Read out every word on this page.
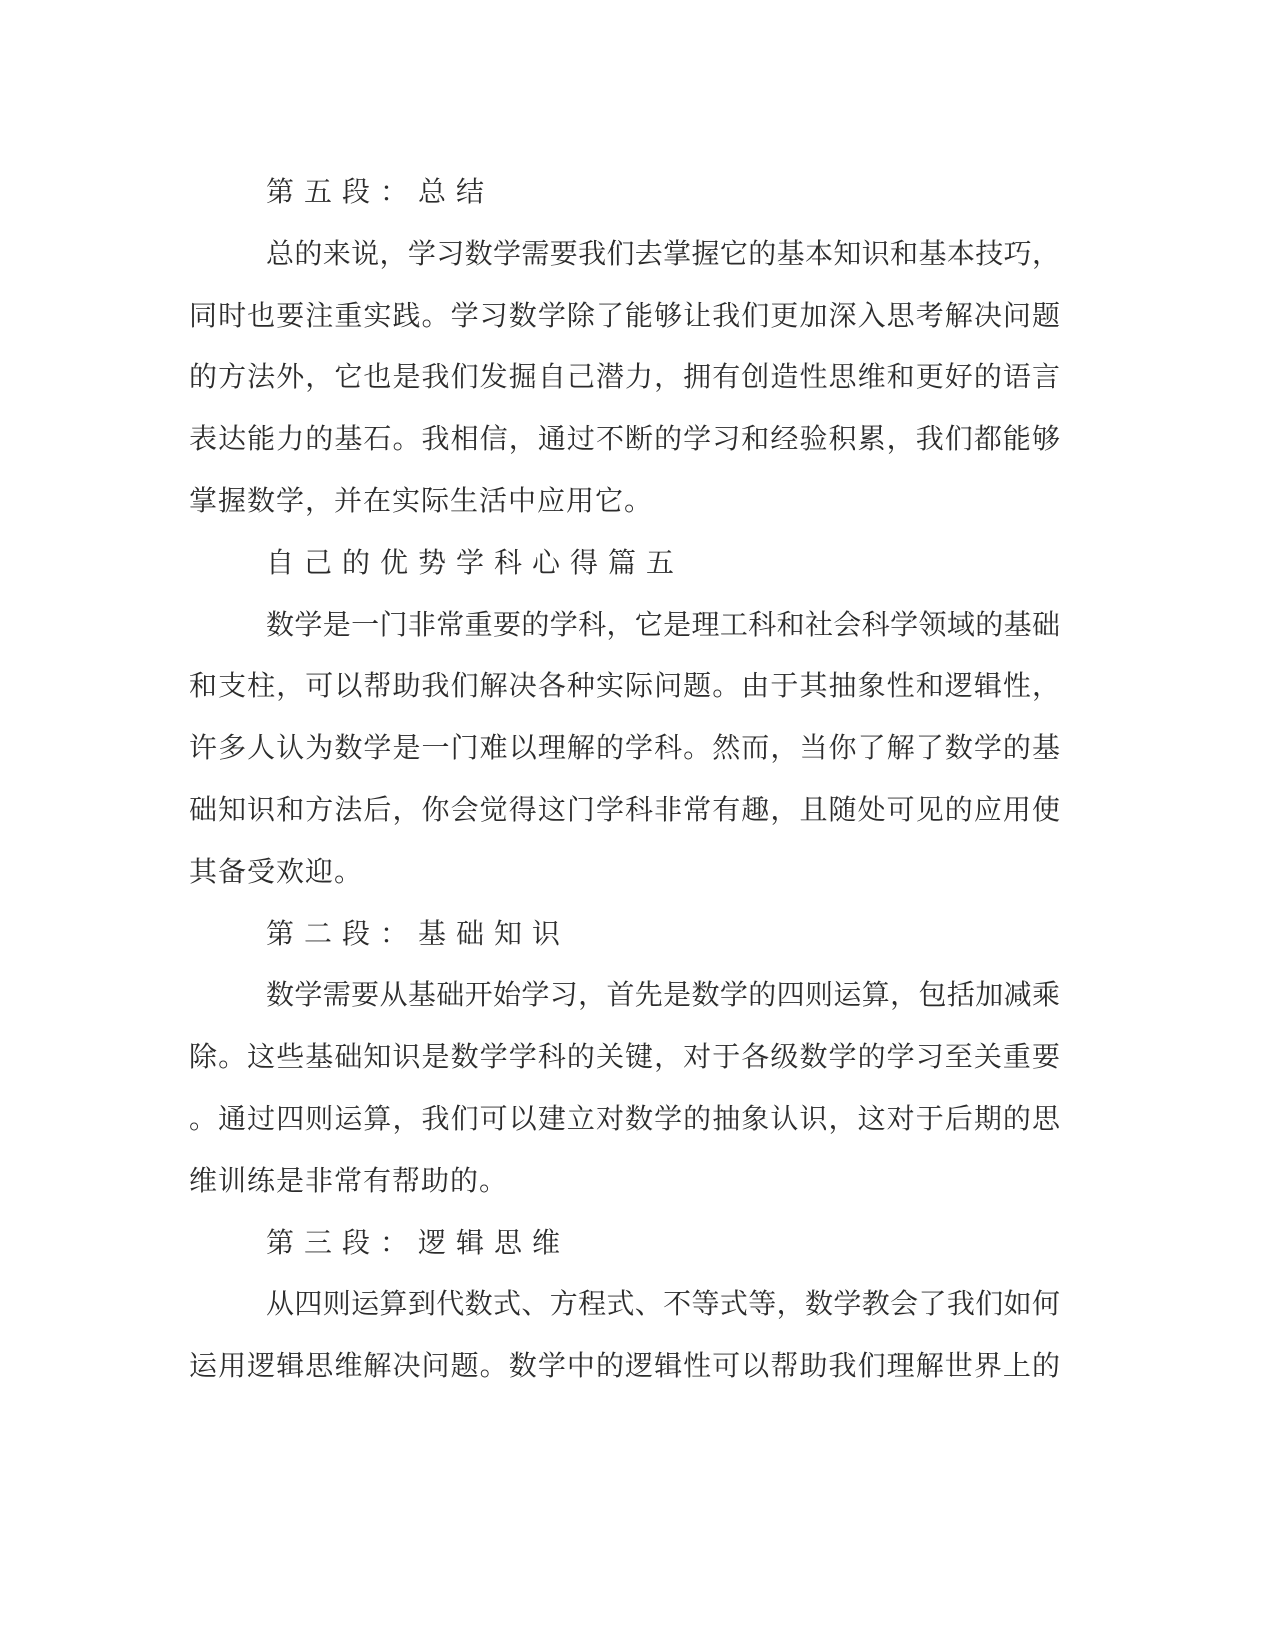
第五段：总结
总的来说，学习数学需要我们去掌握它的基本知识和基本技巧，
同时也要注重实践。学习数学除了能够让我们更加深入思考解决问题
的方法外，它也是我们发掘自己潜力，拥有创造性思维和更好的语言
表达能力的基石。我相信，通过不断的学习和经验积累，我们都能够
掌握数学，并在实际生活中应用它。
自己的优势学科心得篇五
数学是一门非常重要的学科，它是理工科和社会科学领域的基础
和支柱，可以帮助我们解决各种实际问题。由于其抽象性和逻辑性，
许多人认为数学是一门难以理解的学科。然而，当你了解了数学的基
础知识和方法后，你会觉得这门学科非常有趣，且随处可见的应用使
其备受欢迎。
第二段：基础知识
数学需要从基础开始学习，首先是数学的四则运算，包括加减乘
除。这些基础知识是数学学科的关键，对于各级数学的学习至关重要
。通过四则运算，我们可以建立对数学的抽象认识，这对于后期的思
维训练是非常有帮助的。
第三段：逻辑思维
从四则运算到代数式、方程式、不等式等，数学教会了我们如何
运用逻辑思维解决问题。数学中的逻辑性可以帮助我们理解世界上的
